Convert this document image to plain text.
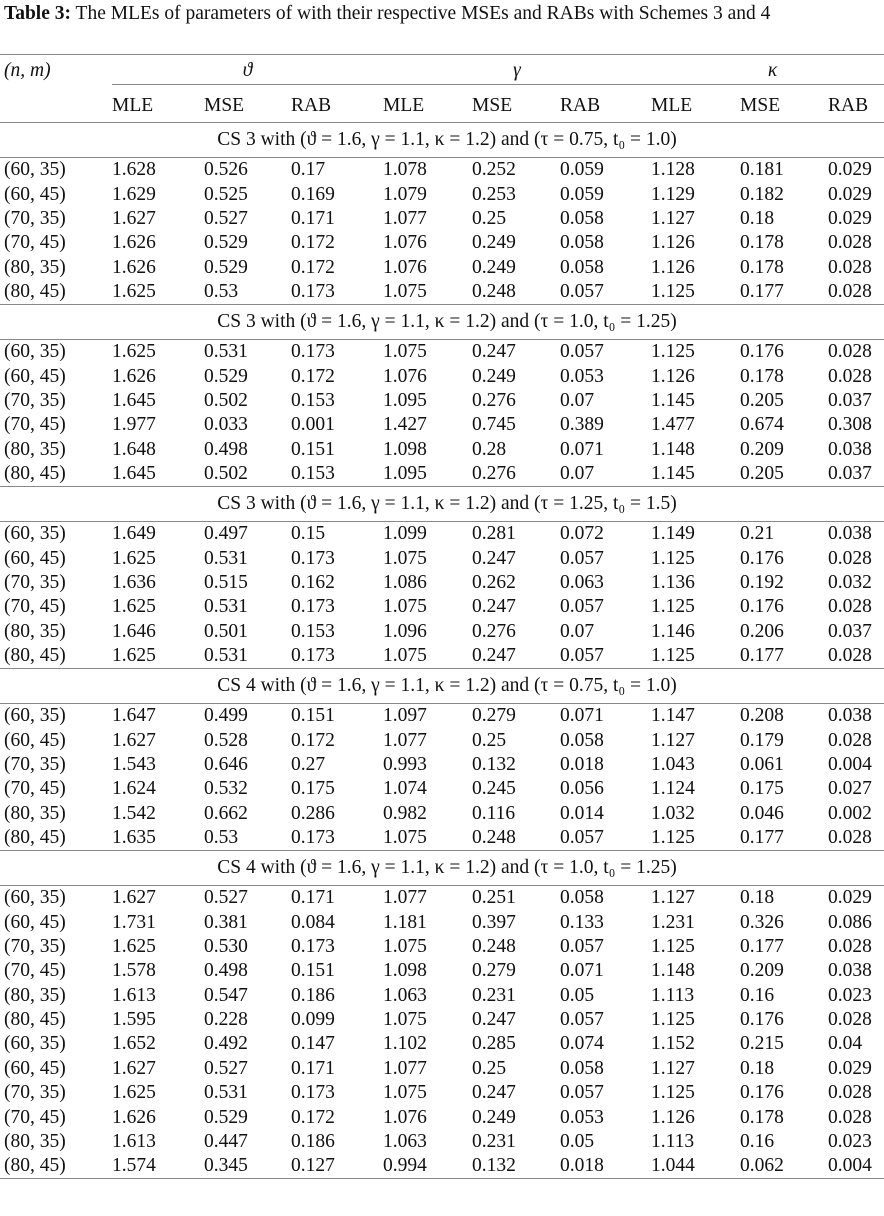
Table 3: The MLEs of parameters of with their respective MSEs and RABs with Schemes 3 and 4
(n, m)	ϑ			γ			κ		

	MLE	MSE	RAB	MLE	MSE	RAB	MLE	MSE	RAB
CS 3 with (ϑ = 1.6, γ = 1.1, κ = 1.2) and (τ = 0.75, t₀ = 1.0)									
(60, 35)	1.628	0.526	0.17	1.078	0.252	0.059	1.128	0.181	0.029
(60, 45)	1.629	0.525	0.169	1.079	0.253	0.059	1.129	0.182	0.029
(70, 35)	1.627	0.527	0.171	1.077	0.25	0.058	1.127	0.18	0.029
(70, 45)	1.626	0.529	0.172	1.076	0.249	0.058	1.126	0.178	0.028
(80, 35)	1.626	0.529	0.172	1.076	0.249	0.058	1.126	0.178	0.028
(80, 45)	1.625	0.53	0.173	1.075	0.248	0.057	1.125	0.177	0.028
CS 3 with (ϑ = 1.6, γ = 1.1, κ = 1.2) and (τ = 1.0, t₀ = 1.25)									
(60, 35)	1.625	0.531	0.173	1.075	0.247	0.057	1.125	0.176	0.028
(60, 45)	1.626	0.529	0.172	1.076	0.249	0.053	1.126	0.178	0.028
(70, 35)	1.645	0.502	0.153	1.095	0.276	0.07	1.145	0.205	0.037
(70, 45)	1.977	0.033	0.001	1.427	0.745	0.389	1.477	0.674	0.308
(80, 35)	1.648	0.498	0.151	1.098	0.28	0.071	1.148	0.209	0.038
(80, 45)	1.645	0.502	0.153	1.095	0.276	0.07	1.145	0.205	0.037
CS 3 with (ϑ = 1.6, γ = 1.1, κ = 1.2) and (τ = 1.25, t₀ = 1.5)									
(60, 35)	1.649	0.497	0.15	1.099	0.281	0.072	1.149	0.21	0.038
(60, 45)	1.625	0.531	0.173	1.075	0.247	0.057	1.125	0.176	0.028
(70, 35)	1.636	0.515	0.162	1.086	0.262	0.063	1.136	0.192	0.032
(70, 45)	1.625	0.531	0.173	1.075	0.247	0.057	1.125	0.176	0.028
(80, 35)	1.646	0.501	0.153	1.096	0.276	0.07	1.146	0.206	0.037
(80, 45)	1.625	0.531	0.173	1.075	0.247	0.057	1.125	0.177	0.028
CS 4 with (ϑ = 1.6, γ = 1.1, κ = 1.2) and (τ = 0.75, t₀ = 1.0)									
(60, 35)	1.647	0.499	0.151	1.097	0.279	0.071	1.147	0.208	0.038
(60, 45)	1.627	0.528	0.172	1.077	0.25	0.058	1.127	0.179	0.028
(70, 35)	1.543	0.646	0.27	0.993	0.132	0.018	1.043	0.061	0.004
(70, 45)	1.624	0.532	0.175	1.074	0.245	0.056	1.124	0.175	0.027
(80, 35)	1.542	0.662	0.286	0.982	0.116	0.014	1.032	0.046	0.002
(80, 45)	1.635	0.53	0.173	1.075	0.248	0.057	1.125	0.177	0.028
CS 4 with (ϑ = 1.6, γ = 1.1, κ = 1.2) and (τ = 1.0, t₀ = 1.25)									
(60, 35)	1.627	0.527	0.171	1.077	0.251	0.058	1.127	0.18	0.029
(60, 45)	1.731	0.381	0.084	1.181	0.397	0.133	1.231	0.326	0.086
(70, 35)	1.625	0.530	0.173	1.075	0.248	0.057	1.125	0.177	0.028
(70, 45)	1.578	0.498	0.151	1.098	0.279	0.071	1.148	0.209	0.038
(80, 35)	1.613	0.547	0.186	1.063	0.231	0.05	1.113	0.16	0.023
(80, 45)	1.595	0.228	0.099	1.075	0.247	0.057	1.125	0.176	0.028
(60, 35)	1.652	0.492	0.147	1.102	0.285	0.074	1.152	0.215	0.04
(60, 45)	1.627	0.527	0.171	1.077	0.25	0.058	1.127	0.18	0.029
(70, 35)	1.625	0.531	0.173	1.075	0.247	0.057	1.125	0.176	0.028
(70, 45)	1.626	0.529	0.172	1.076	0.249	0.053	1.126	0.178	0.028
(80, 35)	1.613	0.447	0.186	1.063	0.231	0.05	1.113	0.16	0.023
(80, 45)	1.574	0.345	0.127	0.994	0.132	0.018	1.044	0.062	0.004
